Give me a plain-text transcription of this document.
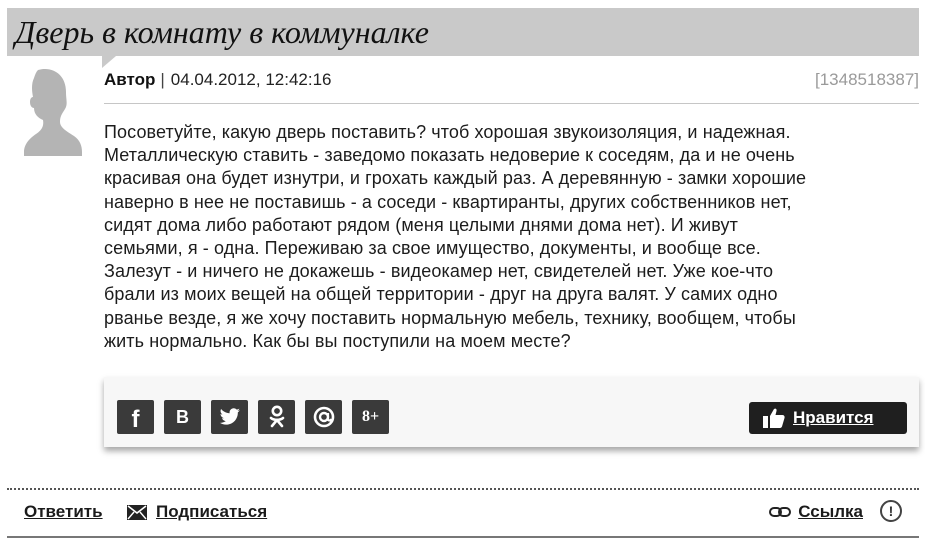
Дверь в комнату в коммуналке
Автор | 04.04.2012, 12:42:16	[1348518387]
Посоветуйте, какую дверь поставить? чтоб хорошая звукоизоляция, и надежная.
Металлическую ставить - заведомо показать недоверие к соседям, да и не очень
красивая она будет изнутри, и грохать каждый раз. А деревянную - замки хорошие
наверно в нее не поставишь - а соседи - квартиранты, других собственников нет,
сидят дома либо работают рядом (меня целыми днями дома нет). И живут
семьями, я - одна. Переживаю за свое имущество, документы, и вообще все.
Залезут - и ничего не докажешь - видеокамер нет, свидетелей нет. Уже кое-что
брали из моих вещей на общей территории - друг на друга валят. У самих одно
рванье везде, я же хочу поставить нормальную мебель, технику, вообщем, чтобы
жить нормально. Как бы вы поступили на моем месте?
f B	8+	Нравится
Ответить	Подписаться	Ссылка	!
